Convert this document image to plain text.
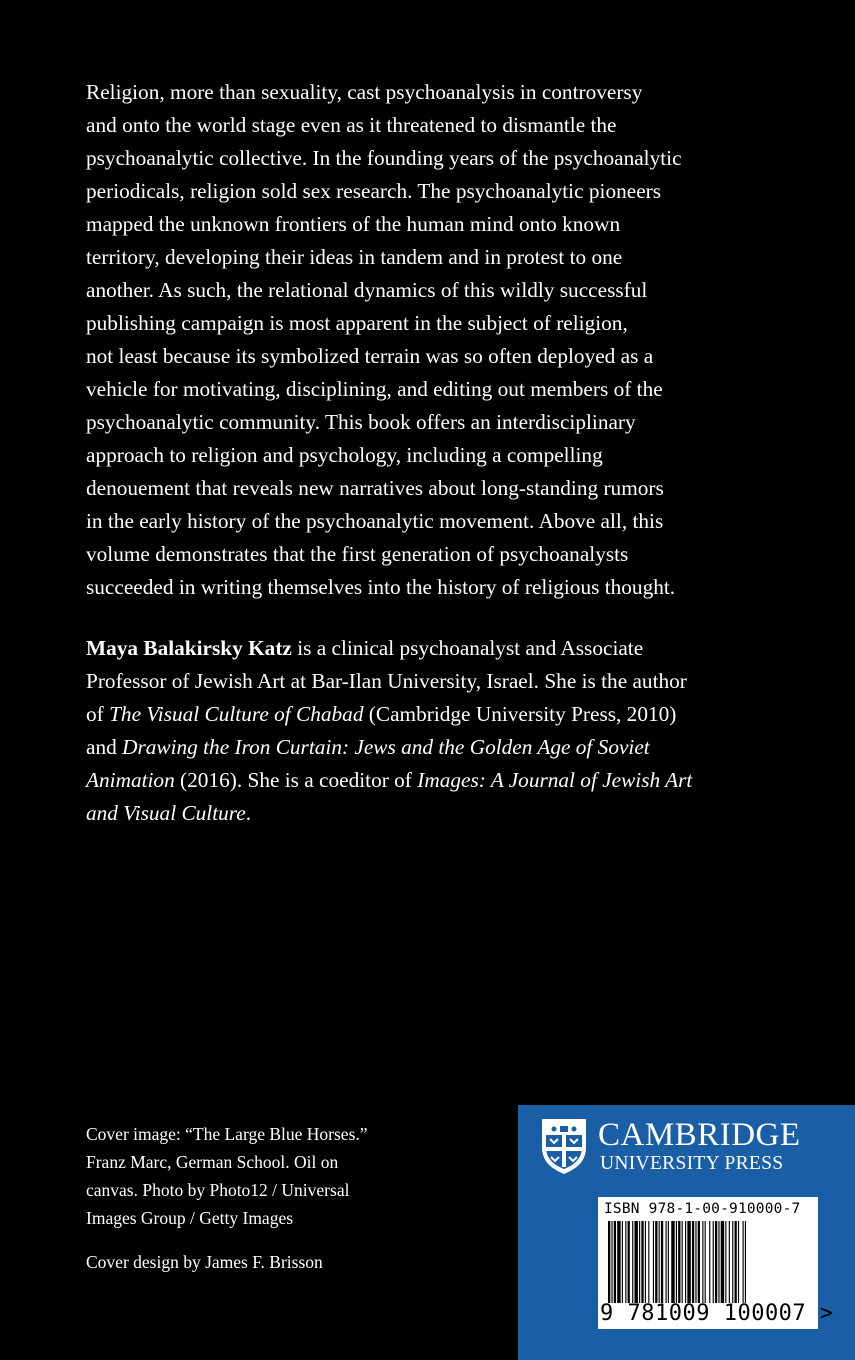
Religion, more than sexuality, cast psychoanalysis in controversy
and onto the world stage even as it threatened to dismantle the
psychoanalytic collective. In the founding years of the psychoanalytic
periodicals, religion sold sex research. The psychoanalytic pioneers
mapped the unknown frontiers of the human mind onto known
territory, developing their ideas in tandem and in protest to one
another. As such, the relational dynamics of this wildly successful
publishing campaign is most apparent in the subject of religion,
not least because its symbolized terrain was so often deployed as a
vehicle for motivating, disciplining, and editing out members of the
psychoanalytic community. This book offers an interdisciplinary
approach to religion and psychology, including a compelling
denouement that reveals new narratives about long-standing rumors
in the early history of the psychoanalytic movement. Above all, this
volume demonstrates that the first generation of psychoanalysts
succeeded in writing themselves into the history of religious thought.
Maya Balakirsky Katz is a clinical psychoanalyst and Associate
Professor of Jewish Art at Bar-Ilan University, Israel. She is the author
of The Visual Culture of Chabad (Cambridge University Press, 2010)
and Drawing the Iron Curtain: Jews and the Golden Age of Soviet
Animation (2016). She is a coeditor of Images: A Journal of Jewish Art
and Visual Culture.
Cover image: “The Large Blue Horses.”
Franz Marc, German School. Oil on
canvas. Photo by Photo12 / Universal
Images Group / Getty Images
Cover design by James F. Brisson
CAMBRIDGE
UNIVERSITY PRESS
ISBN 978-1-00-910000-7
9 781009 100007 >
